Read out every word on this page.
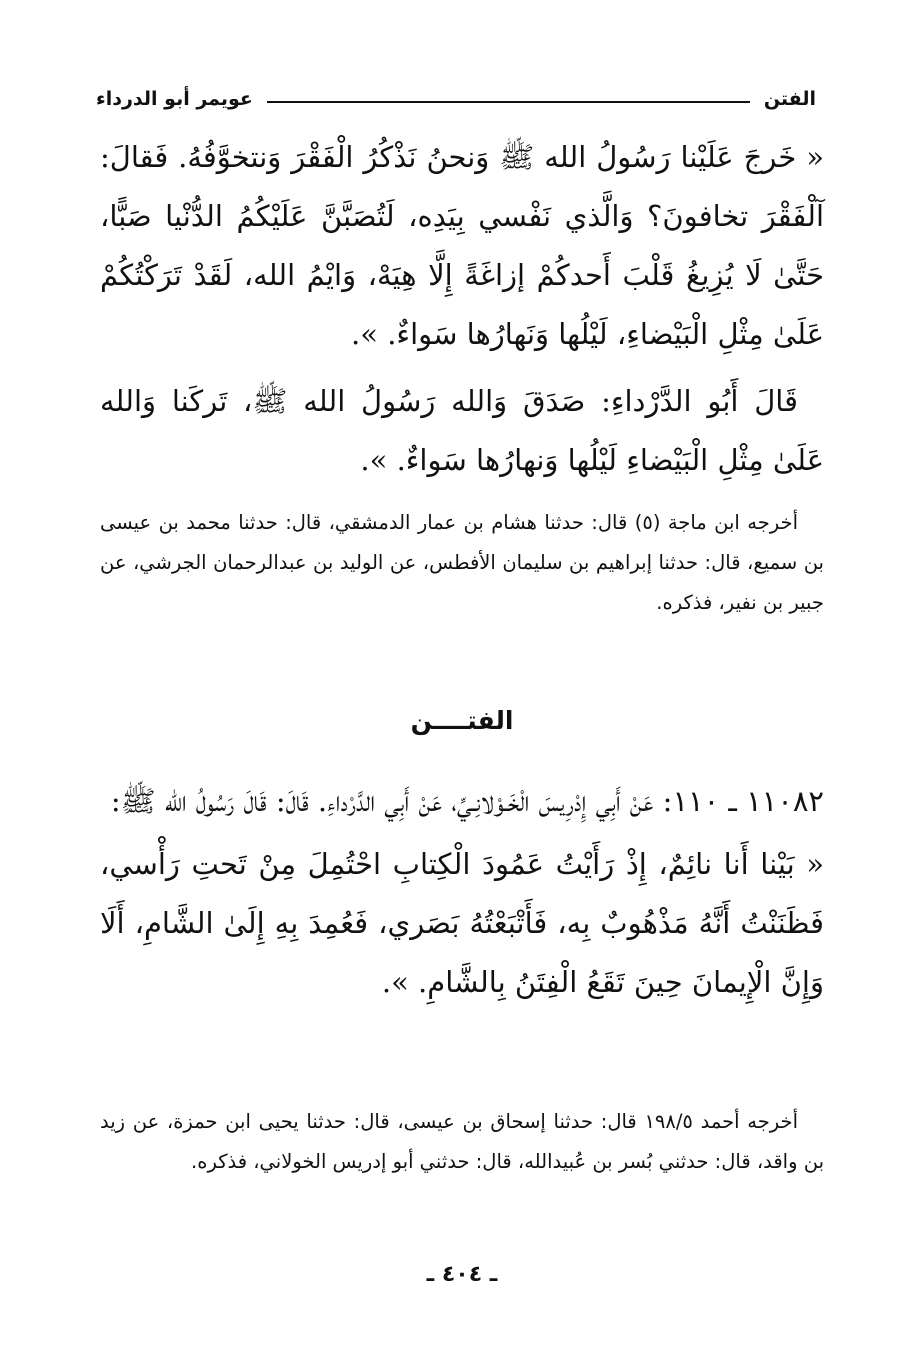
الفتن
عويمر أبو الدرداء

« خَرجَ عَلَيْنا رَسُولُ الله ﷺ وَنحنُ نَذْكُرُ الْفَقْرَ وَنتخوَّفُهُ. فَقالَ: آلْفَقْرَ تخافونَ؟ وَالَّذي نَفْسي بِيَدِه، لَتُصَبَّنَّ عَلَيْكُمُ الدُّنْيا صَبًّا، حَتَّىٰ لَا يُزِيغُ قَلْبَ أَحدكُمْ إزاغَةً إِلَّا هِيَهْ، وَايْمُ الله، لَقَدْ تَرَكْتُكُمْ عَلَىٰ مِثْلِ الْبَيْضاءِ، لَيْلُها وَنَهارُها سَواءٌ. ».

قَالَ أَبُو الدَّرْداءِ: صَدَقَ وَالله رَسُولُ الله ﷺ، تَركَنا وَالله عَلَىٰ مِثْلِ الْبَيْضاءِ لَيْلُها وَنهارُها سَواءٌ. ».

أخرجه ابن ماجة (٥) قال: حدثنا هشام بن عمار الدمشقي، قال: حدثنا محمد بن عيسى بن سميع، قال: حدثنا إبراهيم بن سليمان الأفطس، عن الوليد بن عبدالرحمان الجرشي، عن جبير بن نفير، فذكره.

الفتــــن

١١٠٨٢ ـ ١١٠: عَنْ أَبِي إِدْرِيسَ الْخَـوْلانِـيِّ، عَنْ أَبِي الدَّرْداءِ. قَالَ: قَالَ رَسُولُ الله ﷺ:

« بَيْنا أَنا نائِمٌ، إِذْ رَأَيْتُ عَمُودَ الْكِتابِ احْتُمِلَ مِنْ تَحتِ رَأْسي، فَظَنَنْتُ أَنَّهُ مَذْهُوبٌ بِه، فَأَتْبَعْتُهُ بَصَري، فَعُمِدَ بِهِ إِلَىٰ الشَّامِ، أَلَا وَإِنَّ الْإِيمانَ حِينَ تَقَعُ الْفِتَنُ بِالشَّامِ. ».

أخرجه أحمد ١٩٨/٥ قال: حدثنا إسحاق بن عيسى، قال: حدثنا يحيى ابن حمزة، عن زيد بن واقد، قال: حدثني بُسر بن عُبيدالله، قال: حدثني أبو إدريس الخولاني، فذكره.

ـ ٤٠٤ ـ
